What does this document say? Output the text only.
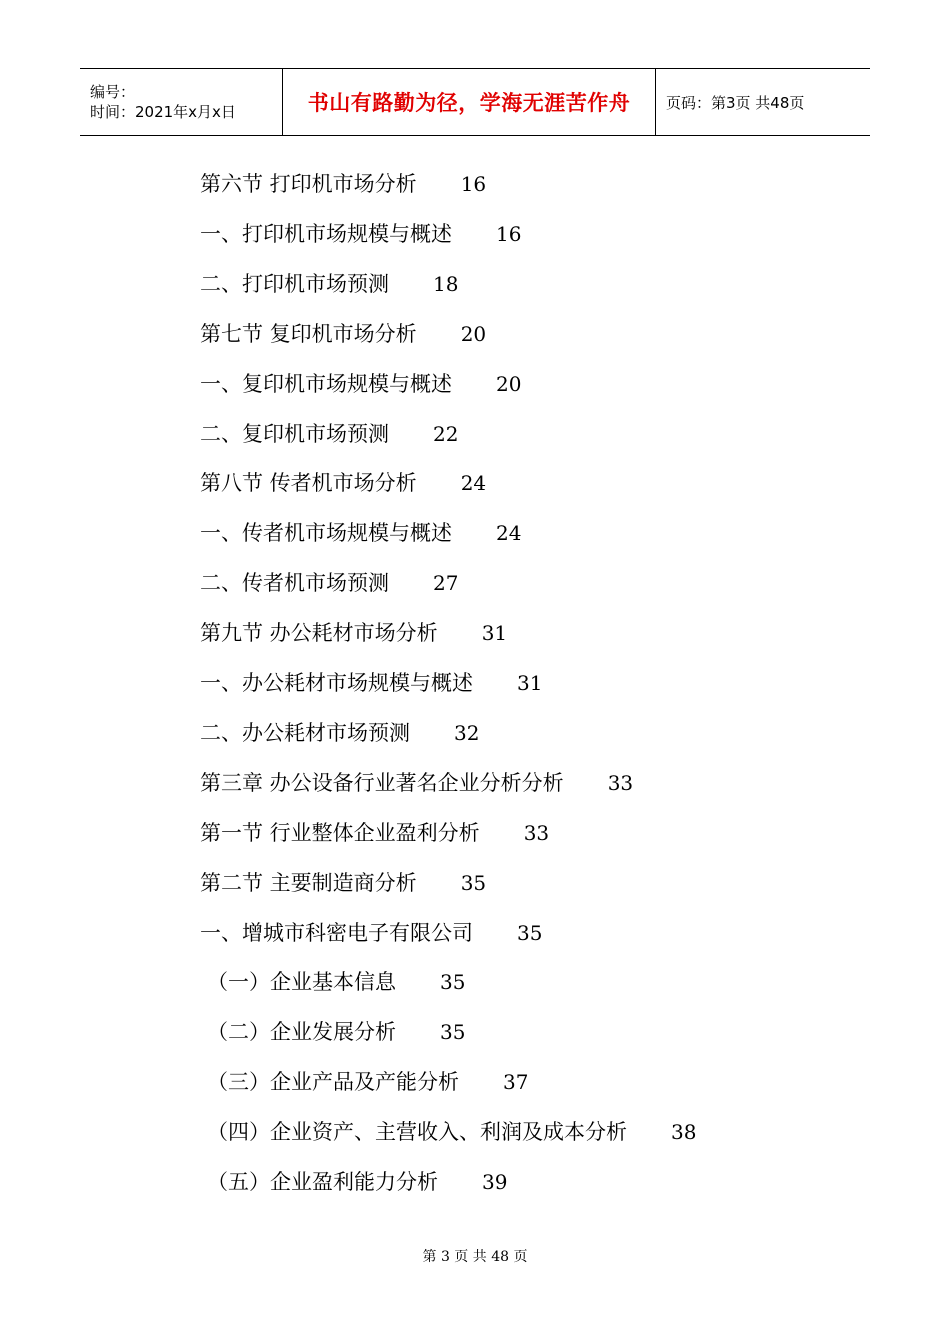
编号：
时间：2021年x月x日	书山有路勤为径，学海无涯苦作舟 页码：第3页 共48页
第六节 打印机市场分析 16
一、打印机市场规模与概述 16
二、打印机市场预测 18
第七节 复印机市场分析 20
一、复印机市场规模与概述 20
二、复印机市场预测 22
第八节 传者机市场分析 24
一、传者机市场规模与概述 24
二、传者机市场预测 27
第九节 办公耗材市场分析 31
一、办公耗材市场规模与概述 31
二、办公耗材市场预测 32
第三章 办公设备行业著名企业分析分析 33
第一节 行业整体企业盈利分析 33
第二节 主要制造商分析 35
一、增城市科密电子有限公司 35
（一）企业基本信息 35
（二）企业发展分析 35
（三）企业产品及产能分析 37
（四）企业资产、主营收入、利润及成本分析 38
（五）企业盈利能力分析 39
第 3 页 共 48 页
